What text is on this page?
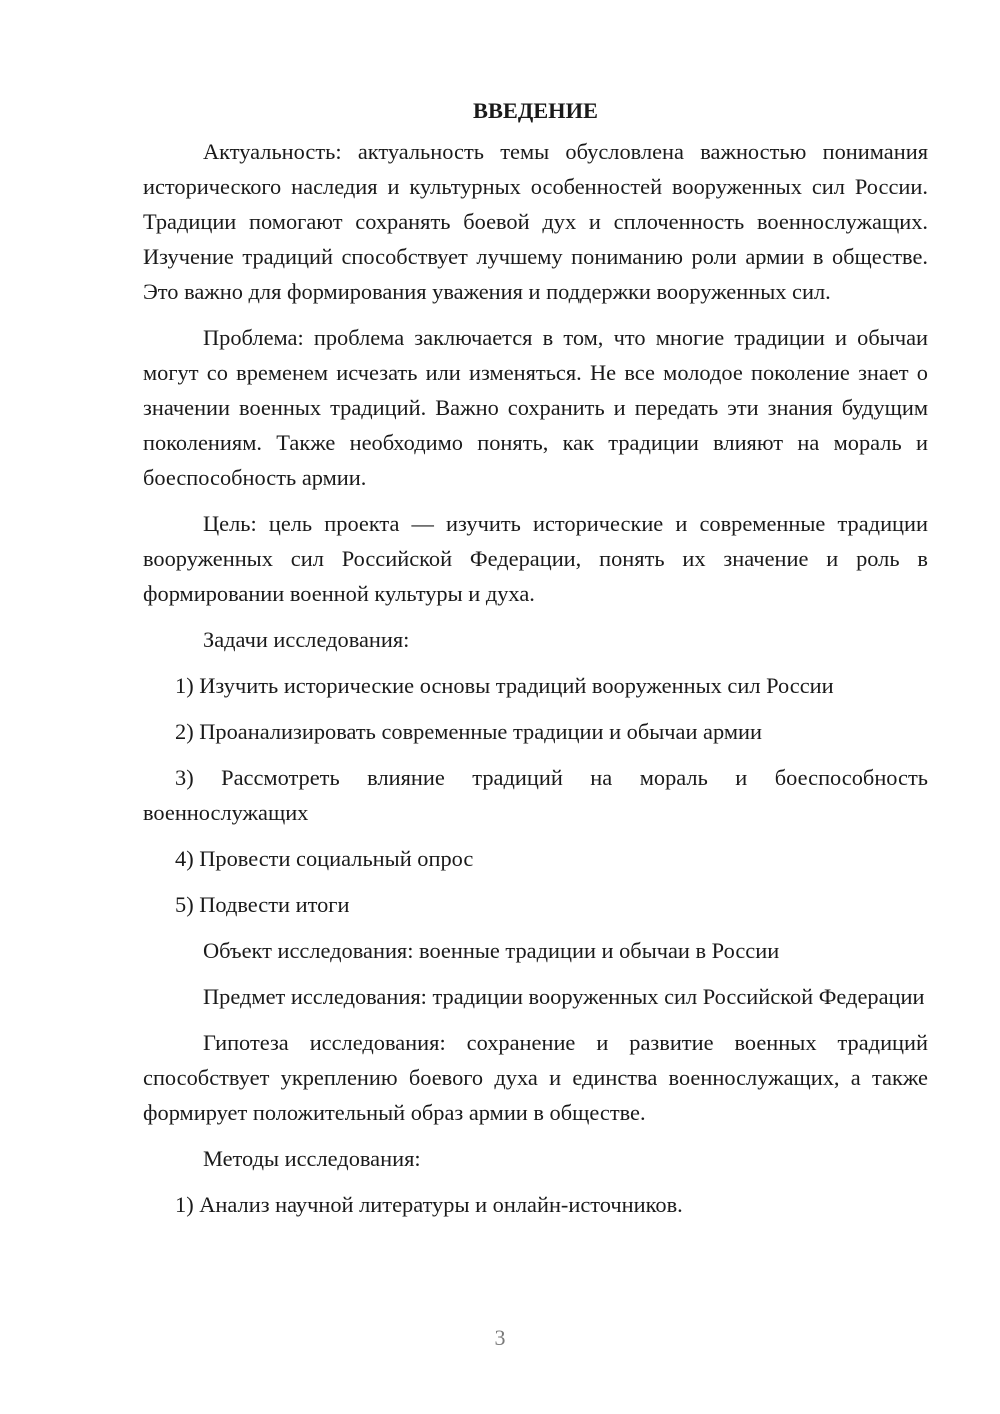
ВВЕДЕНИЕ

Актуальность: актуальность темы обусловлена важностью понимания исторического наследия и культурных особенностей вооруженных сил России. Традиции помогают сохранять боевой дух и сплоченность военнослужащих. Изучение традиций способствует лучшему пониманию роли армии в обществе. Это важно для формирования уважения и поддержки вооруженных сил.

Проблема: проблема заключается в том, что многие традиции и обычаи могут со временем исчезать или изменяться. Не все молодое поколение знает о значении военных традиций. Важно сохранить и передать эти знания будущим поколениям. Также необходимо понять, как традиции влияют на мораль и боеспособность армии.

Цель: цель проекта — изучить исторические и современные традиции вооруженных сил Российской Федерации, понять их значение и роль в формировании военной культуры и духа.

Задачи исследования:

1) Изучить исторические основы традиций вооруженных сил России

2) Проанализировать современные традиции и обычаи армии

3) Рассмотреть влияние традиций на мораль и боеспособность военнослужащих

4) Провести социальный опрос

5) Подвести итоги

Объект исследования: военные традиции и обычаи в России

Предмет исследования: традиции вооруженных сил Российской Федерации

Гипотеза исследования: сохранение и развитие военных традиций способствует укреплению боевого духа и единства военнослужащих, а также формирует положительный образ армии в обществе.

Методы исследования:

1) Анализ научной литературы и онлайн-источников.

3
